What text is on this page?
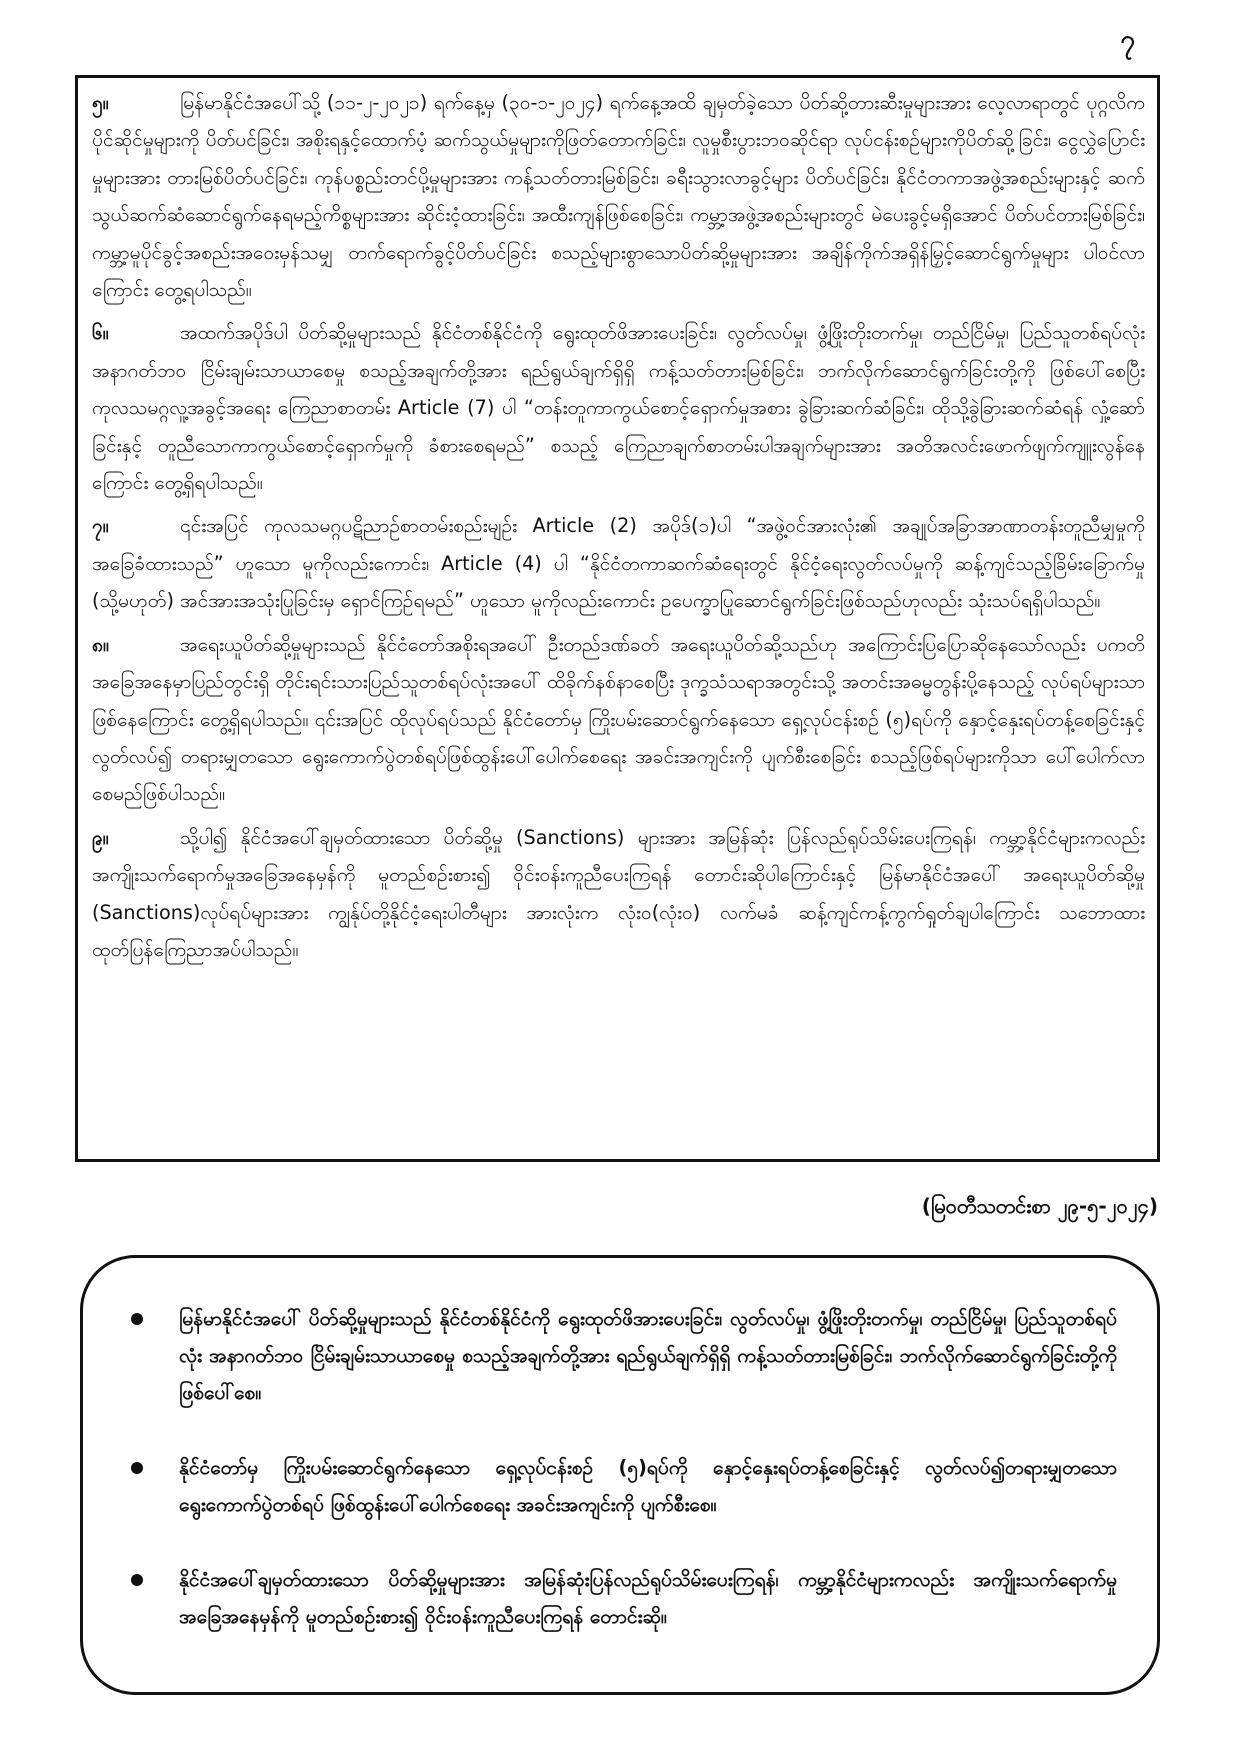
၇

၅။	မြန်မာနိုင်ငံအပေါ်သို့ (၁၁-၂-၂၀၂၁) ရက်နေ့မှ (၃၀-၁-၂၀၂၄) ရက်နေ့အထိ ချမှတ်ခဲ့သော ပိတ်ဆို့တားဆီးမှုများအား လေ့လာရာတွင် ပုဂ္ဂလိကပိုင်ဆိုင်မှုများကို ပိတ်ပင်ခြင်း၊ အစိုးရနှင့်ထောက်ပံ့ ဆက်သွယ်မှုများကိုဖြတ်တောက်ခြင်း၊ လူမှုစီးပွားဘဝဆိုင်ရာ လုပ်ငန်းစဉ်များကိုပိတ်ဆို့ခြင်း၊ ငွေလွှဲပြောင်းမှုများအား တားမြစ်ပိတ်ပင်ခြင်း၊ ကုန်ပစ္စည်းတင်ပို့မှုများအား ကန့်သတ်တားမြစ်ခြင်း၊ ခရီးသွားလာခွင့်များ ပိတ်ပင်ခြင်း၊ နိုင်ငံတကာအဖွဲ့အစည်းများနှင့် ဆက်သွယ်ဆက်ဆံဆောင်ရွက်နေရမည့်ကိစ္စများအား ဆိုင်းငံ့ထားခြင်း၊ အထီးကျန်ဖြစ်စေခြင်း၊ ကမ္ဘာ့အဖွဲ့အစည်းများတွင် မဲပေးခွင့်မရှိအောင် ပိတ်ပင်တားမြစ်ခြင်း၊ ကမ္ဘာ့မူပိုင်ခွင့်အစည်းအဝေးမှန်သမျှ တက်ရောက်ခွင့်ပိတ်ပင်ခြင်း စသည့်များစွာသောပိတ်ဆို့မှုများအား အချိန်ကိုက်အရှိန်မြှင့်ဆောင်ရွက်မှုများ ပါဝင်လာကြောင်း တွေ့ရပါသည်။

၆။	အထက်အပိုဒ်ပါ ပိတ်ဆို့မှုများသည် နိုင်ငံတစ်နိုင်ငံကို ရွေးထုတ်ဖိအားပေးခြင်း၊ လွတ်လပ်မှု၊ ဖွံ့ဖြိုးတိုးတက်မှု၊ တည်ငြိမ်မှု၊ ပြည်သူတစ်ရပ်လုံး အနာဂတ်ဘဝ ငြိမ်းချမ်းသာယာစေမှု စသည့်အချက်တို့အား ရည်ရွယ်ချက်ရှိရှိ ကန့်သတ်တားမြစ်ခြင်း၊ ဘက်လိုက်ဆောင်ရွက်ခြင်းတို့ကို ဖြစ်ပေါ်စေပြီး ကုလသမဂ္ဂလူ့အခွင့်အရေး ကြေညာစာတမ်း Article (7) ပါ “တန်းတူကာကွယ်စောင့်ရှောက်မှုအစား ခွဲခြားဆက်ဆံခြင်း၊ ထိုသို့ခွဲခြားဆက်ဆံရန် လှုံ့ဆော်ခြင်းနှင့် တူညီသောကာကွယ်စောင့်ရှောက်မှုကို ခံစားစေရမည်” စသည့် ကြေညာချက်စာတမ်းပါအချက်များအား အတိအလင်းဖောက်ဖျက်ကျူးလွန်နေကြောင်း တွေ့ရှိရပါသည်။

၇။	၎င်းအပြင် ကုလသမဂ္ဂပဋိညာဉ်စာတမ်းစည်းမျဉ်း Article (2) အပိုဒ်(၁)ပါ “အဖွဲ့ဝင်အားလုံး၏ အချုပ်အခြာအာဏာတန်းတူညီမျှမှုကို အခြေခံထားသည်” ဟူသော မူကိုလည်းကောင်း၊ Article (4) ပါ “နိုင်ငံတကာဆက်ဆံရေးတွင် နိုင်ငံ့ရေးလွတ်လပ်မှုကို ဆန့်ကျင်သည့်ခြိမ်းခြောက်မှု (သို့မဟုတ်) အင်အားအသုံးပြုခြင်းမှ ရှောင်ကြဉ်ရမည်” ဟူသော မူကိုလည်းကောင်း ဥပေက္ခာပြုဆောင်ရွက်ခြင်းဖြစ်သည်ဟုလည်း သုံးသပ်ရရှိပါသည်။

၈။	အရေးယူပိတ်ဆို့မှုများသည် နိုင်ငံတော်အစိုးရအပေါ် ဦးတည်ဒဏ်ခတ် အရေးယူပိတ်ဆို့သည်ဟု အကြောင်းပြပြောဆိုနေသော်လည်း ပကတိအခြေအနေမှာပြည်တွင်းရှိ တိုင်းရင်းသားပြည်သူတစ်ရပ်လုံးအပေါ် ထိခိုက်နစ်နာစေပြီး ဒုက္ခသံသရာအတွင်းသို့ အတင်းအဓမ္မတွန်းပို့နေသည့် လုပ်ရပ်များသာဖြစ်နေကြောင်း တွေ့ရှိရပါသည်။ ၎င်းအပြင် ထိုလုပ်ရပ်သည် နိုင်ငံတော်မှ ကြိုးပမ်းဆောင်ရွက်နေသော ရှေ့လုပ်ငန်းစဉ် (၅)ရပ်ကို နှောင့်နှေးရပ်တန့်စေခြင်းနှင့်လွတ်လပ်၍ တရားမျှတသော ရွေးကောက်ပွဲတစ်ရပ်ဖြစ်ထွန်းပေါ်ပေါက်စေရေး အခင်းအကျင်းကို ပျက်စီးစေခြင်း စသည့်ဖြစ်ရပ်များကိုသာ ပေါ်ပေါက်လာစေမည်ဖြစ်ပါသည်။

၉။	သို့ပါ၍ နိုင်ငံအပေါ်ချမှတ်ထားသော ပိတ်ဆို့မှု (Sanctions) များအား အမြန်ဆုံး ပြန်လည်ရုပ်သိမ်းပေးကြရန်၊ ကမ္ဘာ့နိုင်ငံများကလည်း အကျိုးသက်ရောက်မှုအခြေအနေမှန်ကို မူတည်စဉ်းစား၍ ဝိုင်းဝန်းကူညီပေးကြရန် တောင်းဆိုပါကြောင်းနှင့် မြန်မာနိုင်ငံအပေါ် အရေးယူပိတ်ဆို့မှု (Sanctions)လုပ်ရပ်များအား ကျွန်ုပ်တို့နိုင်ငံ့ရေးပါတီများ အားလုံးက လုံးဝ(လုံးဝ) လက်မခံ ဆန့်ကျင်ကန့်ကွက်ရှုတ်ချပါကြောင်း သဘောထားထုတ်ပြန်ကြေညာအပ်ပါသည်။

(မြဝတီသတင်းစာ ၂၉-၅-၂၀၂၄)
မြန်မာနိုင်ငံအပေါ် ပိတ်ဆို့မှုများသည် နိုင်ငံတစ်နိုင်ငံကို ရွေးထုတ်ဖိအားပေးခြင်း၊ လွတ်လပ်မှု၊ ဖွံ့ဖြိုးတိုးတက်မှု၊ တည်ငြိမ်မှု၊ ပြည်သူတစ်ရပ်လုံး အနာဂတ်ဘဝ ငြိမ်းချမ်းသာယာစေမှု စသည့်အချက်တို့အား ရည်ရွယ်ချက်ရှိရှိ ကန့်သတ်တားမြစ်ခြင်း၊ ဘက်လိုက်ဆောင်ရွက်ခြင်းတို့ကို ဖြစ်ပေါ်စေ။
နိုင်ငံတော်မှ ကြိုးပမ်းဆောင်ရွက်နေသော ရှေ့လုပ်ငန်းစဉ် (၅)ရပ်ကို နှောင့်နှေးရပ်တန့်စေခြင်းနှင့် လွတ်လပ်၍တရားမျှတသော ရွေးကောက်ပွဲတစ်ရပ် ဖြစ်ထွန်းပေါ်ပေါက်စေရေး အခင်းအကျင်းကို ပျက်စီးစေ။
နိုင်ငံအပေါ်ချမှတ်ထားသော ပိတ်ဆို့မှုများအား အမြန်ဆုံးပြန်လည်ရုပ်သိမ်းပေးကြရန်၊ ကမ္ဘာ့နိုင်ငံများကလည်း အကျိုးသက်ရောက်မှုအခြေအနေမှန်ကို မူတည်စဉ်းစား၍ ဝိုင်းဝန်းကူညီပေးကြရန် တောင်းဆို။
